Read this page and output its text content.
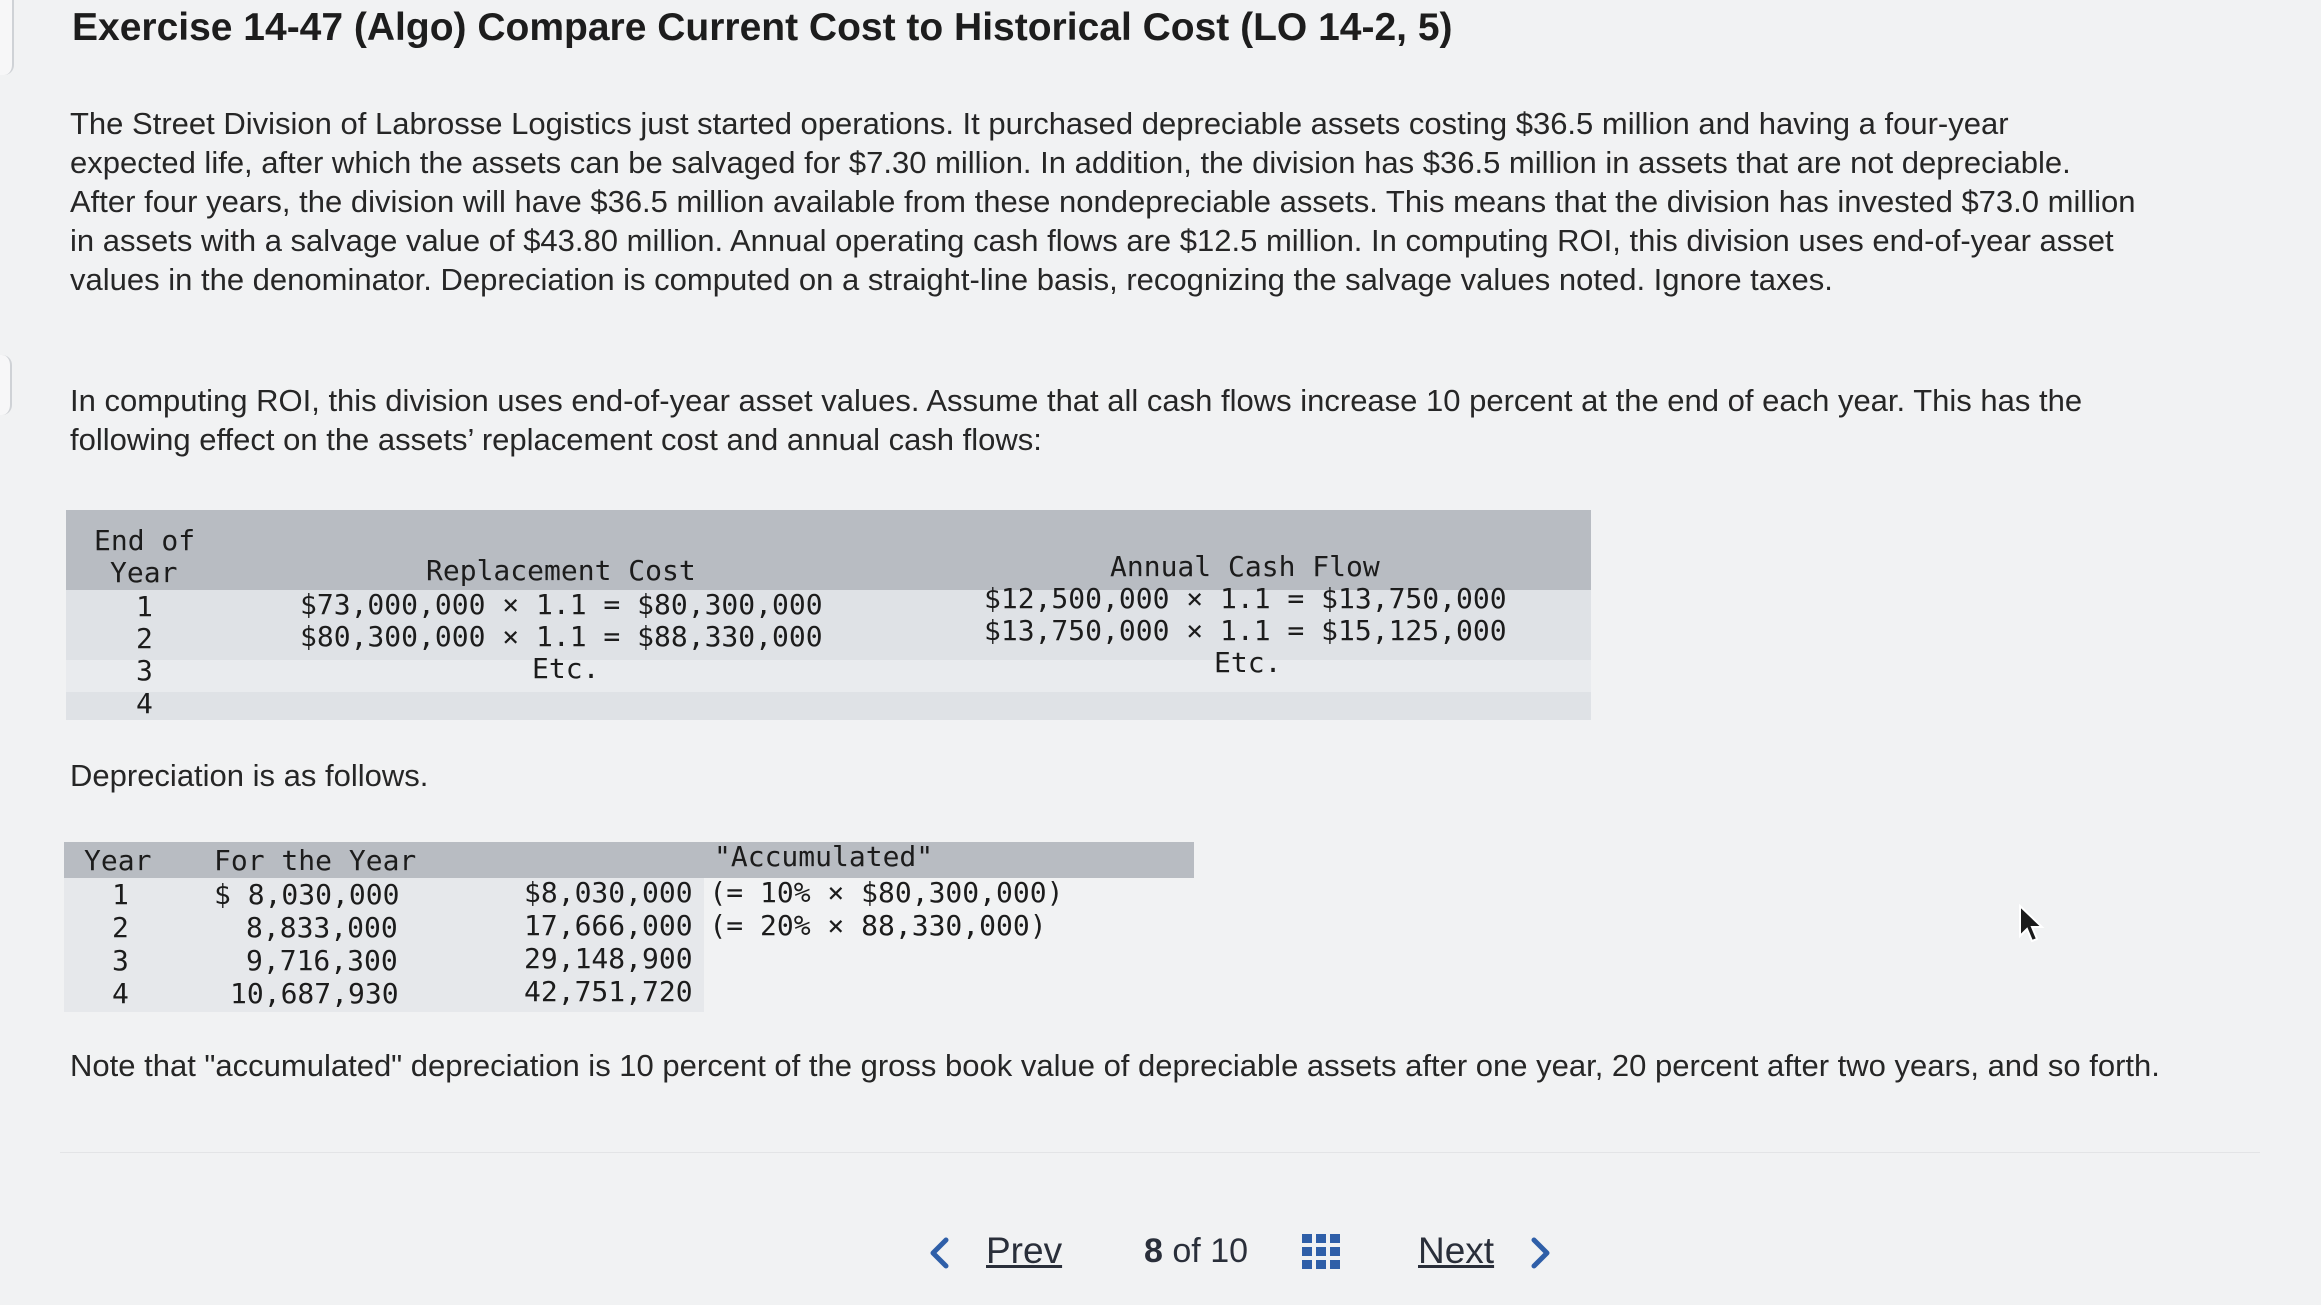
Exercise 14-47 (Algo) Compare Current Cost to Historical Cost (LO 14-2, 5)
The Street Division of Labrosse Logistics just started operations. It purchased depreciable assets costing $36.5 million and having a four-year expected life, after which the assets can be salvaged for $7.30 million. In addition, the division has $36.5 million in assets that are not depreciable. After four years, the division will have $36.5 million available from these nondepreciable assets. This means that the division has invested $73.0 million in assets with a salvage value of $43.80 million. Annual operating cash flows are $12.5 million. In computing ROI, this division uses end-of-year asset values in the denominator. Depreciation is computed on a straight-line basis, recognizing the salvage values noted. Ignore taxes.
In computing ROI, this division uses end-of-year asset values. Assume that all cash flows increase 10 percent at the end of each year. This has the following effect on the assets’ replacement cost and annual cash flows:
End of
Year	Replacement Cost	Annual Cash Flow
1	$73,000,000 × 1.1 = $80,300,000	$12,500,000 × 1.1 = $13,750,000
2	$80,300,000 × 1.1 = $88,330,000	$13,750,000 × 1.1 = $15,125,000
3	Etc.	Etc.
4
Depreciation is as follows.
Year For the Year	"Accumulated"
1	$ 8,030,000	$8,030,000 (= 10% × $80,300,000)
2	8,833,000	17,666,000 (= 20% × 88,330,000)
3	9,716,300	29,148,900
4	10,687,930	42,751,720
Note that "accumulated" depreciation is 10 percent of the gross book value of depreciable assets after one year, 20 percent after two years, and so forth.
Prev 8 of 10	Next
